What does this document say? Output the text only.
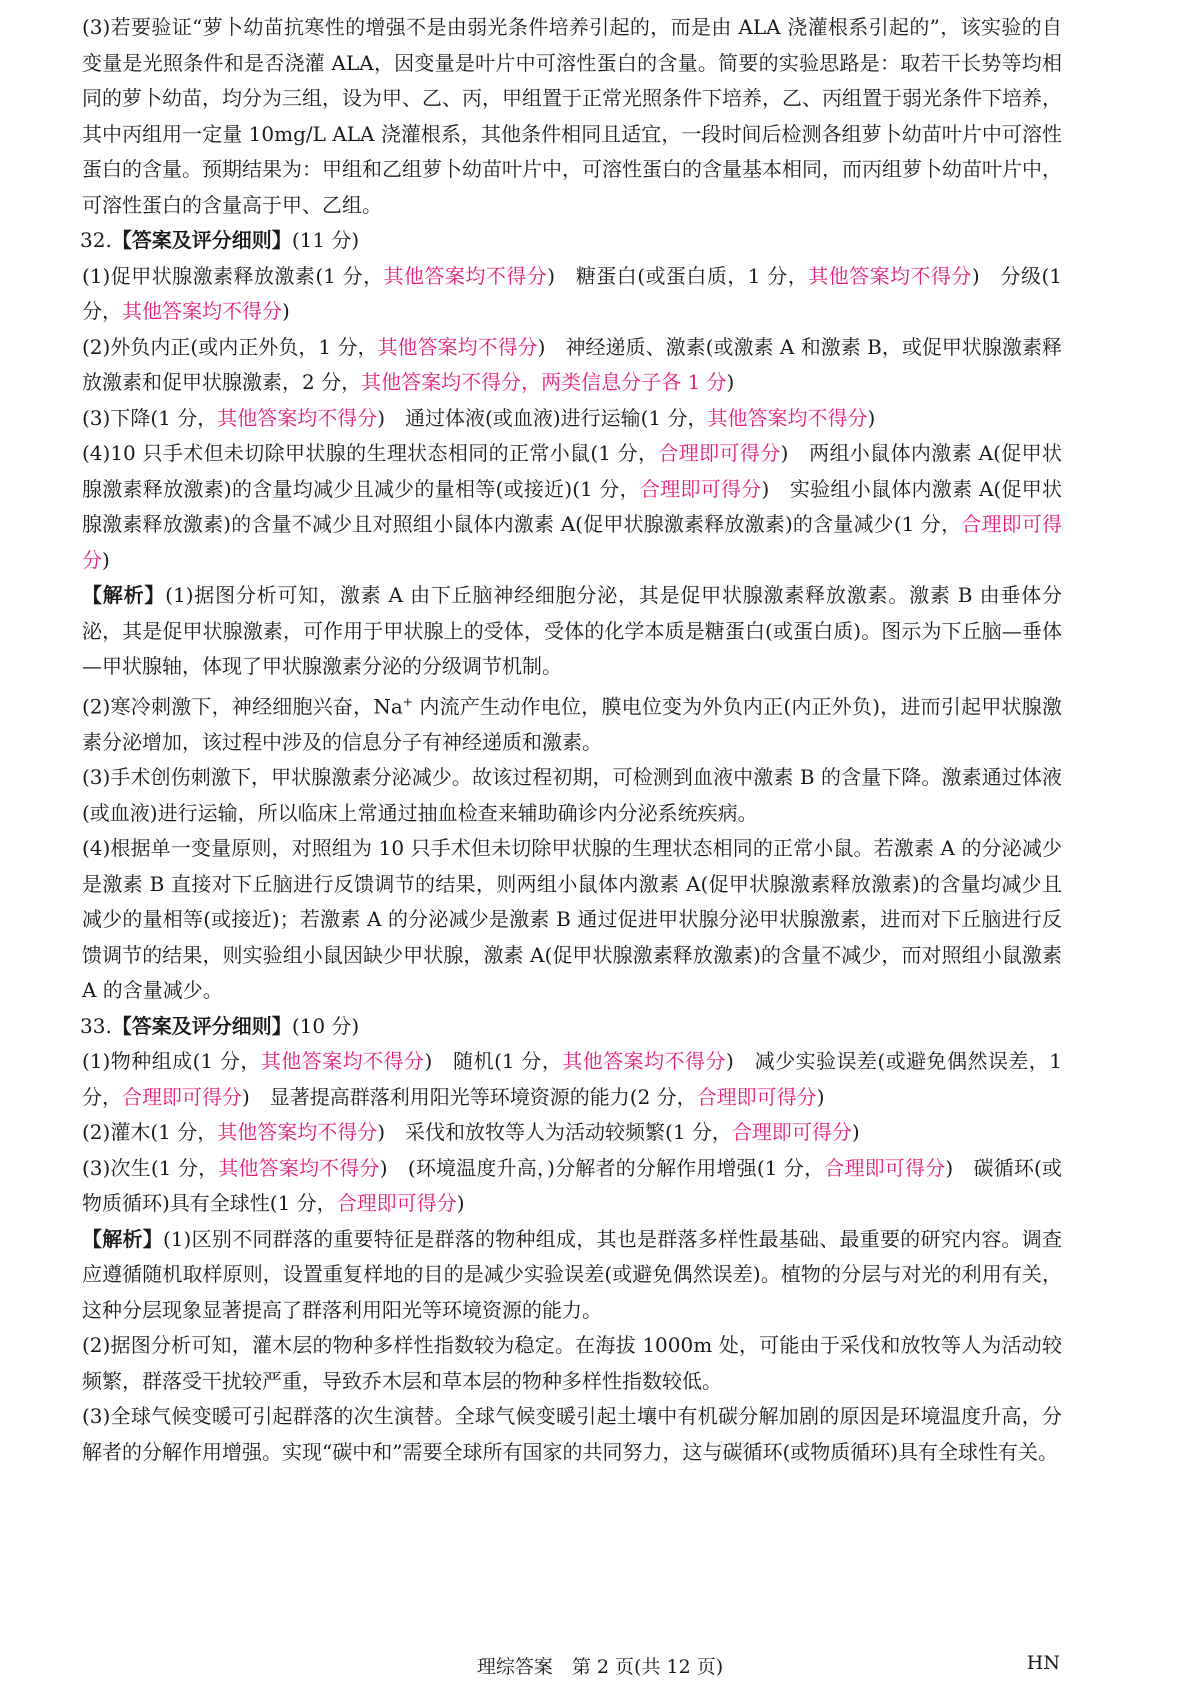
(3)若要验证“萝卜幼苗抗寒性的增强不是由弱光条件培养引起的，而是由 ALA 浇灌根系引起的”，该实验的自变量是光照条件和是否浇灌 ALA，因变量是叶片中可溶性蛋白的含量。简要的实验思路是：取若干长势等均相同的萝卜幼苗，均分为三组，设为甲、乙、丙，甲组置于正常光照条件下培养，乙、丙组置于弱光条件下培养，其中丙组用一定量 10mg/L ALA 浇灌根系，其他条件相同且适宜，一段时间后检测各组萝卜幼苗叶片中可溶性蛋白的含量。预期结果为：甲组和乙组萝卜幼苗叶片中，可溶性蛋白的含量基本相同，而丙组萝卜幼苗叶片中，可溶性蛋白的含量高于甲、乙组。

32.【答案及评分细则】(11 分)

(1)促甲状腺激素释放激素(1 分，其他答案均不得分)　糖蛋白(或蛋白质，1 分，其他答案均不得分)　分级(1 分，其他答案均不得分)

(2)外负内正(或内正外负，1 分，其他答案均不得分)　神经递质、激素(或激素 A 和激素 B，或促甲状腺激素释放激素和促甲状腺激素，2 分，其他答案均不得分，两类信息分子各 1 分)

(3)下降(1 分，其他答案均不得分)　通过体液(或血液)进行运输(1 分，其他答案均不得分)

(4)10 只手术但未切除甲状腺的生理状态相同的正常小鼠(1 分，合理即可得分)　两组小鼠体内激素 A(促甲状腺激素释放激素)的含量均减少且减少的量相等(或接近)(1 分，合理即可得分)　实验组小鼠体内激素 A(促甲状腺激素释放激素)的含量不减少且对照组小鼠体内激素 A(促甲状腺激素释放激素)的含量减少(1 分，合理即可得分)

【解析】(1)据图分析可知，激素 A 由下丘脑神经细胞分泌，其是促甲状腺激素释放激素。激素 B 由垂体分泌，其是促甲状腺激素，可作用于甲状腺上的受体，受体的化学本质是糖蛋白(或蛋白质)。图示为下丘脑—垂体—甲状腺轴，体现了甲状腺激素分泌的分级调节机制。

(2)寒冷刺激下，神经细胞兴奋，Na+ 内流产生动作电位，膜电位变为外负内正(内正外负)，进而引起甲状腺激素分泌增加，该过程中涉及的信息分子有神经递质和激素。

(3)手术创伤刺激下，甲状腺激素分泌减少。故该过程初期，可检测到血液中激素 B 的含量下降。激素通过体液(或血液)进行运输，所以临床上常通过抽血检查来辅助确诊内分泌系统疾病。

(4)根据单一变量原则，对照组为 10 只手术但未切除甲状腺的生理状态相同的正常小鼠。若激素 A 的分泌减少是激素 B 直接对下丘脑进行反馈调节的结果，则两组小鼠体内激素 A(促甲状腺激素释放激素)的含量均减少且减少的量相等(或接近)；若激素 A 的分泌减少是激素 B 通过促进甲状腺分泌甲状腺激素，进而对下丘脑进行反馈调节的结果，则实验组小鼠因缺少甲状腺，激素 A(促甲状腺激素释放激素)的含量不减少，而对照组小鼠激素 A 的含量减少。

33.【答案及评分细则】(10 分)

(1)物种组成(1 分，其他答案均不得分)　随机(1 分，其他答案均不得分)　减少实验误差(或避免偶然误差，1 分，合理即可得分)　显著提高群落利用阳光等环境资源的能力(2 分，合理即可得分)

(2)灌木(1 分，其他答案均不得分)　采伐和放牧等人为活动较频繁(1 分，合理即可得分)

(3)次生(1 分，其他答案均不得分)　(环境温度升高，)分解者的分解作用增强(1 分，合理即可得分)　碳循环(或物质循环)具有全球性(1 分，合理即可得分)

【解析】(1)区别不同群落的重要特征是群落的物种组成，其也是群落多样性最基础、最重要的研究内容。调查应遵循随机取样原则，设置重复样地的目的是减少实验误差(或避免偶然误差)。植物的分层与对光的利用有关，这种分层现象显著提高了群落利用阳光等环境资源的能力。

(2)据图分析可知，灌木层的物种多样性指数较为稳定。在海拔 1000m 处，可能由于采伐和放牧等人为活动较频繁，群落受干扰较严重，导致乔木层和草本层的物种多样性指数较低。

(3)全球气候变暖可引起群落的次生演替。全球气候变暖引起土壤中有机碳分解加剧的原因是环境温度升高，分解者的分解作用增强。实现“碳中和”需要全球所有国家的共同努力，这与碳循环(或物质循环)具有全球性有关。

理综答案　第 2 页(共 12 页)	HN
